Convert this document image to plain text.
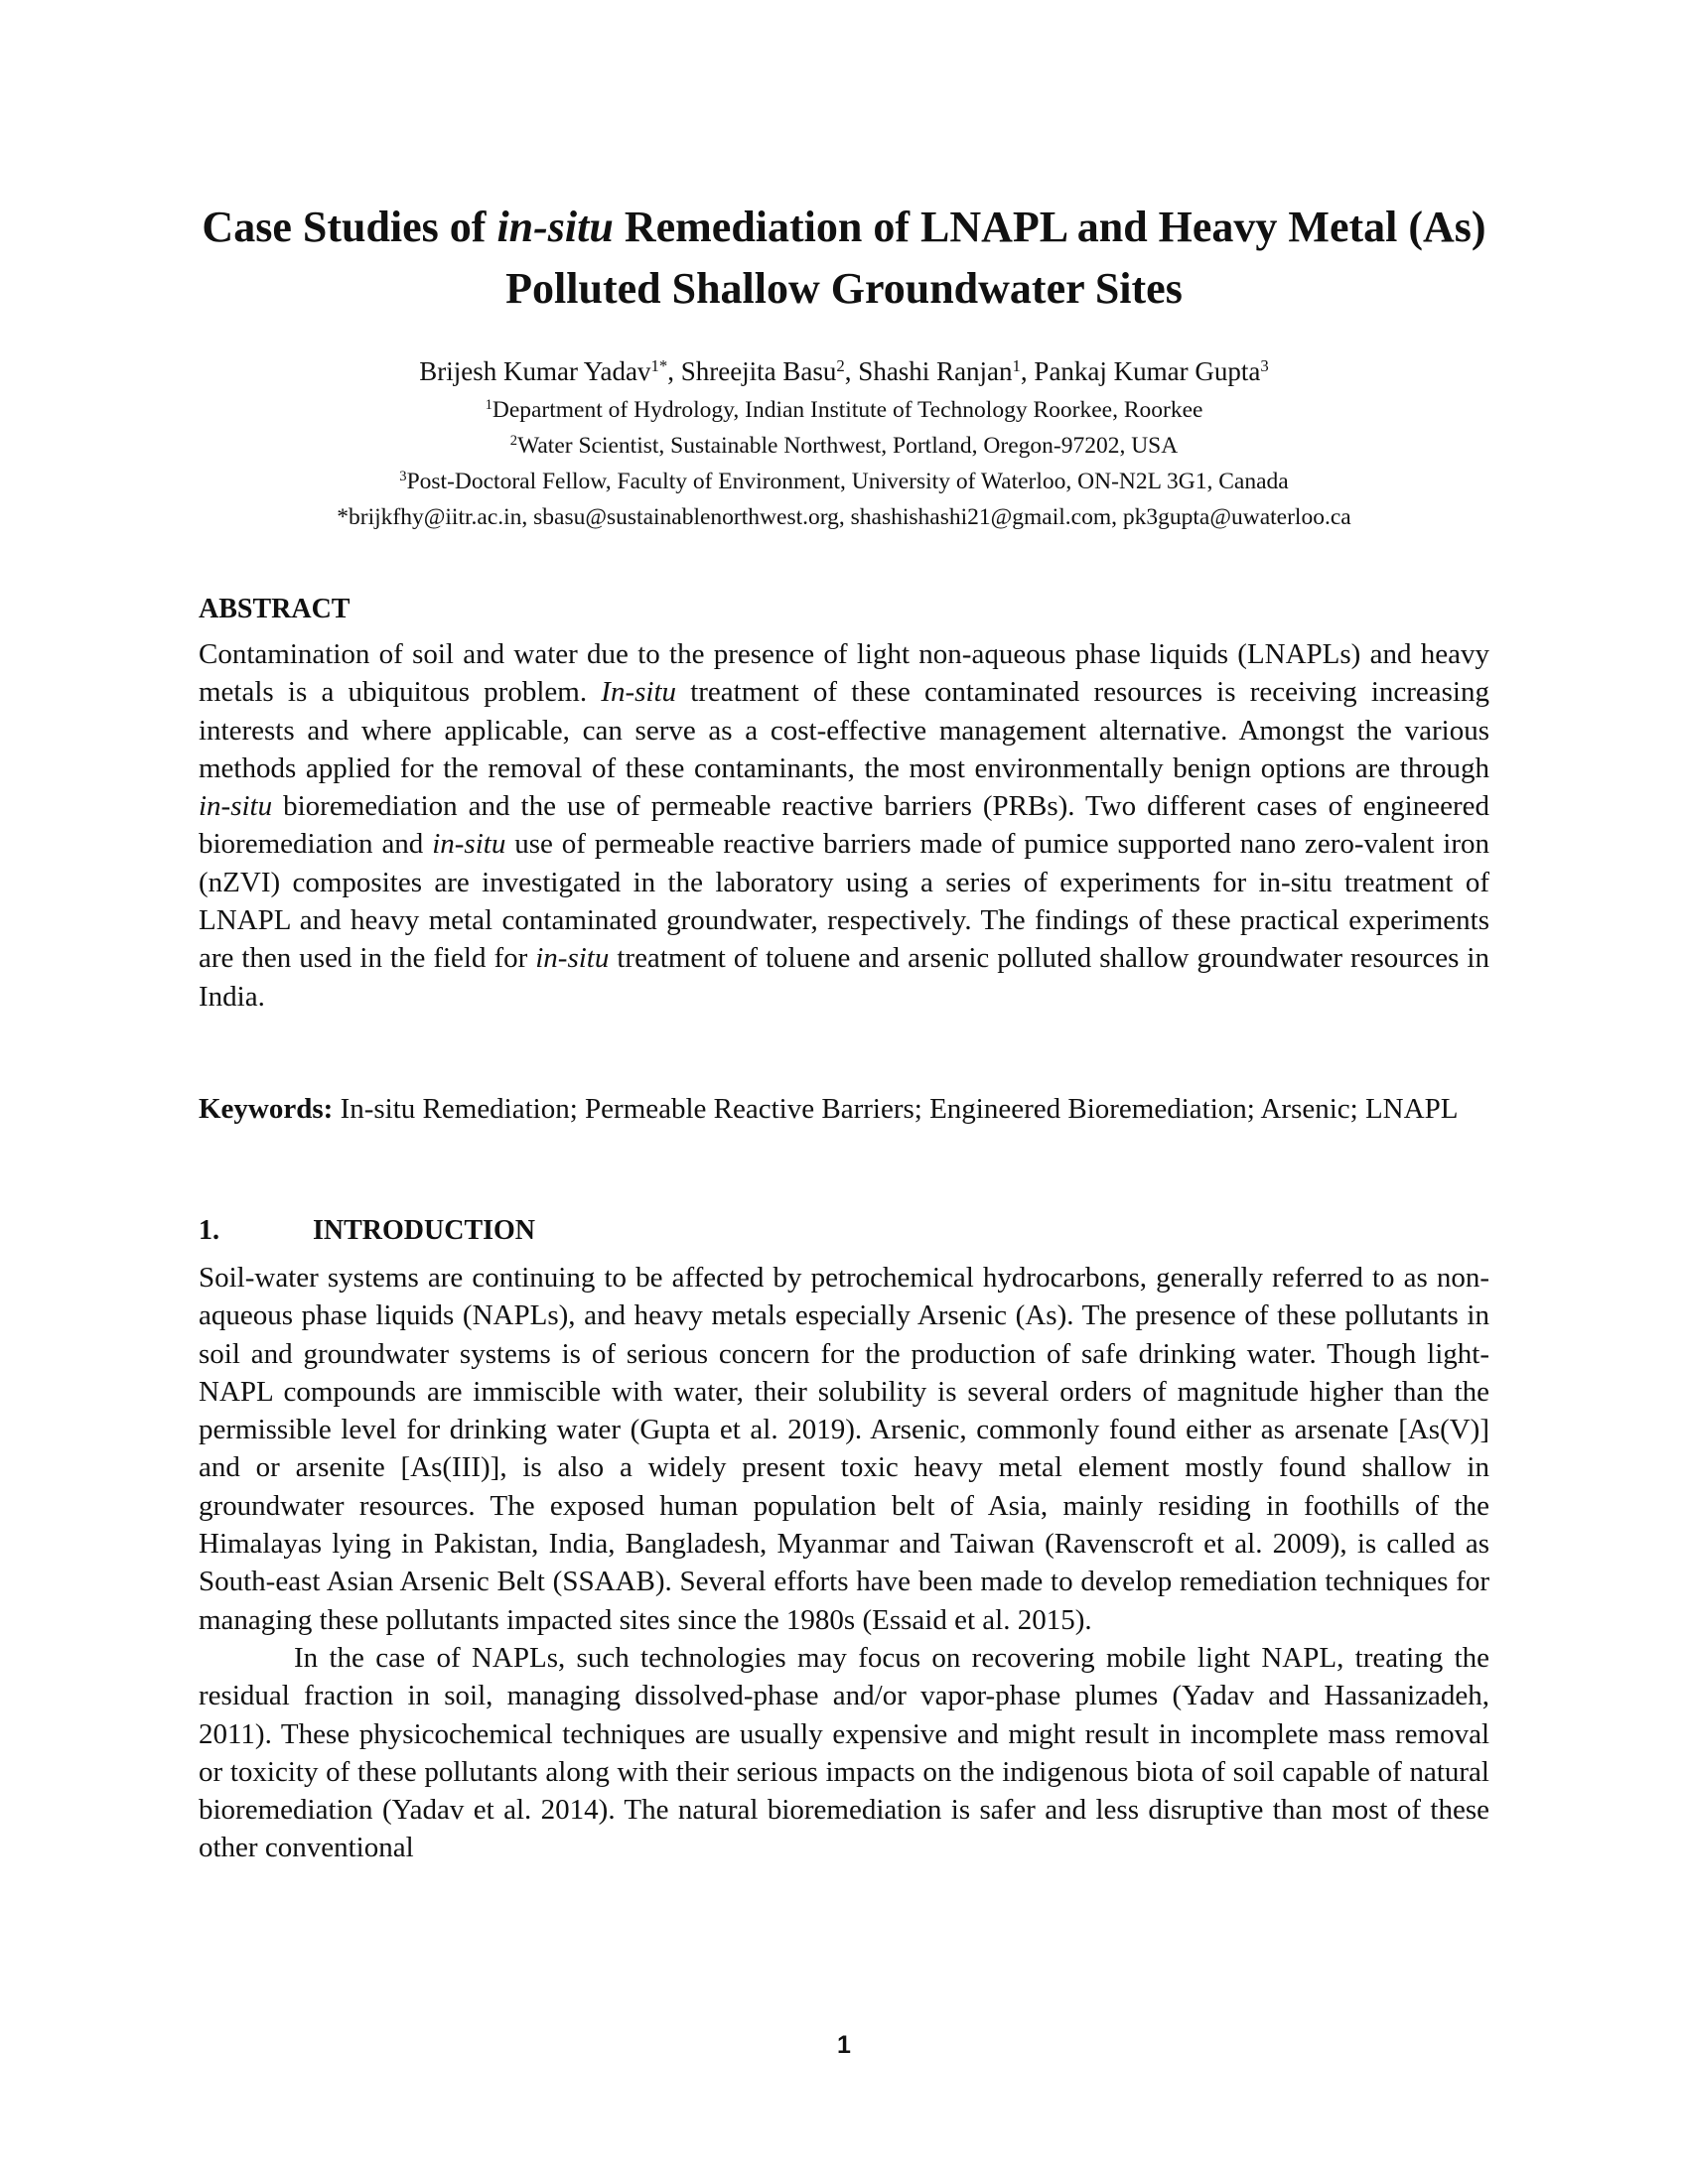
Case Studies of in-situ Remediation of LNAPL and Heavy Metal (As) Polluted Shallow Groundwater Sites
Brijesh Kumar Yadav$^{1*}$, Shreejita Basu$^2$, Shashi Ranjan$^1$, Pankaj Kumar Gupta$^3$
$^1$Department of Hydrology, Indian Institute of Technology Roorkee, Roorkee
$^2$Water Scientist, Sustainable Northwest, Portland, Oregon-97202, USA
$^3$Post-Doctoral Fellow, Faculty of Environment, University of Waterloo, ON-N2L 3G1, Canada
*brijkfhy@iitr.ac.in, sbasu@sustainablenorthwest.org, shashishashi21@gmail.com, pk3gupta@uwaterloo.ca
ABSTRACT

Contamination of soil and water due to the presence of light non-aqueous phase liquids (LNAPLs) and heavy metals is a ubiquitous problem. In-situ treatment of these contaminated resources is receiving increasing interests and where applicable, can serve as a cost-effective management alternative. Amongst the various methods applied for the removal of these contaminants, the most environmentally benign options are through in-situ bioremediation and the use of permeable reactive barriers (PRBs). Two different cases of engineered bioremediation and in-situ use of permeable reactive barriers made of pumice supported nano zero-valent iron (nZVI) composites are investigated in the laboratory using a series of experiments for in-situ treatment of LNAPL and heavy metal contaminated groundwater, respectively. The findings of these practical experiments are then used in the field for in-situ treatment of toluene and arsenic polluted shallow groundwater resources in India.

Keywords: In-situ Remediation; Permeable Reactive Barriers; Engineered Bioremediation; Arsenic; LNAPL

1.	INTRODUCTION

Soil-water systems are continuing to be affected by petrochemical hydrocarbons, generally referred to as non-aqueous phase liquids (NAPLs), and heavy metals especially Arsenic (As). The presence of these pollutants in soil and groundwater systems is of serious concern for the production of safe drinking water. Though light-NAPL compounds are immiscible with water, their solubility is several orders of magnitude higher than the permissible level for drinking water (Gupta et al. 2019). Arsenic, commonly found either as arsenate [As(V)] and or arsenite [As(III)], is also a widely present toxic heavy metal element mostly found shallow in groundwater resources. The exposed human population belt of Asia, mainly residing in foothills of the Himalayas lying in Pakistan, India, Bangladesh, Myanmar and Taiwan (Ravenscroft et al. 2009), is called as South-east Asian Arsenic Belt (SSAAB). Several efforts have been made to develop remediation techniques for managing these pollutants impacted sites since the 1980s (Essaid et al. 2015).

In the case of NAPLs, such technologies may focus on recovering mobile light NAPL, treating the residual fraction in soil, managing dissolved-phase and/or vapor-phase plumes (Yadav and Hassanizadeh, 2011). These physicochemical techniques are usually expensive and might result in incomplete mass removal or toxicity of these pollutants along with their serious impacts on the indigenous biota of soil capable of natural bioremediation (Yadav et al. 2014). The natural bioremediation is safer and less disruptive than most of these other conventional

1
